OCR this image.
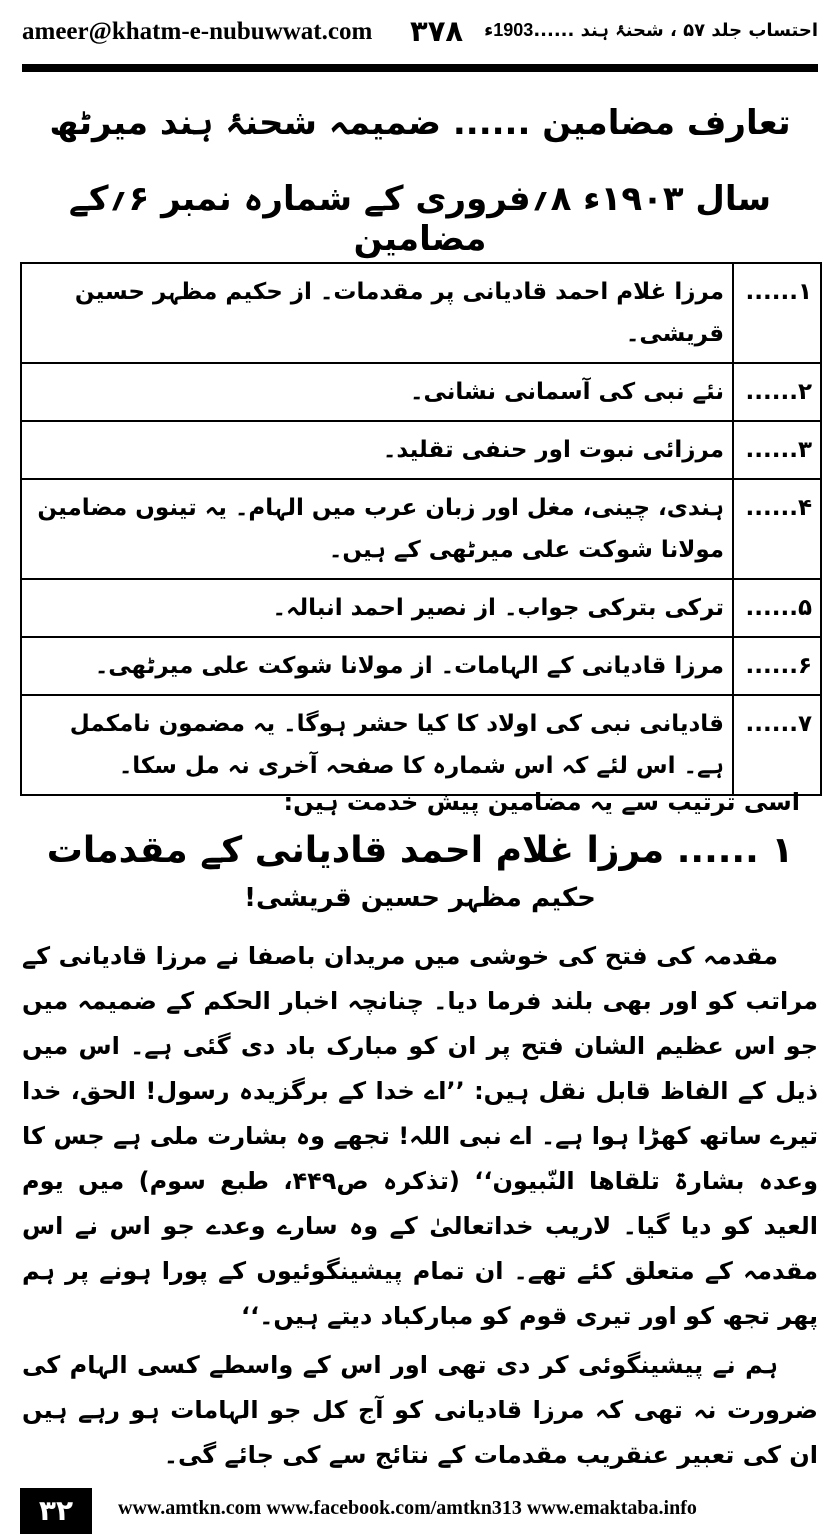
ameer@khatm-e-nubuwwat.com ۳۷۸	احتساب جلد ۵۷ ، شحنۂ ہند ......1903ء
تعارف مضامین ...... ضمیمہ شحنۂ ہند میرٹھ
سال ۱۹۰۳ء ۸؍فروری کے شمارہ نمبر ۶؍کے مضامین
۱......	مرزا غلام احمد قادیانی پر مقدمات۔ از حکیم مظہر حسین قریشی۔
۲......	نئے نبی کی آسمانی نشانی۔
۳......	مرزائی نبوت اور حنفی تقلید۔
۴......	ہندی، چینی، مغل اور زبان عرب میں الہام۔ یہ تینوں مضامین مولانا شوکت علی میرٹھی کے ہیں۔
۵......	ترکی بترکی جواب۔ از نصیر احمد انبالہ۔
۶......	مرزا قادیانی کے الہامات۔ از مولانا شوکت علی میرٹھی۔
۷......	قادیانی نبی کی اولاد کا کیا حشر ہوگا۔ یہ مضمون نامکمل ہے۔ اس لئے کہ اس شمارہ کا صفحہ آخری نہ مل سکا۔
اسی ترتیب سے یہ مضامین پیش خدمت ہیں:
۱ ...... مرزا غلام احمد قادیانی کے مقدمات
حکیم مظہر حسین قریشی!

مقدمہ کی فتح کی خوشی میں مریدان باصفا نے مرزا قادیانی کے مراتب کو اور بھی بلند فرما دیا۔ چنانچہ اخبار الحکم کے ضمیمہ میں جو اس عظیم الشان فتح پر ان کو مبارک باد دی گئی ہے۔ اس میں ذیل کے الفاظ قابل نقل ہیں: ’’اے خدا کے برگزیدہ رسول! الحق، خدا تیرے ساتھ کھڑا ہوا ہے۔ اے نبی اللہ! تجھے وہ بشارت ملی ہے جس کا وعدہ بشارۃ تلقاھا النّبیون‘‘ (تذکرہ ص۴۴۹، طبع سوم) میں یوم العید کو دیا گیا۔ لاریب خداتعالیٰ کے وہ سارے وعدے جو اس نے اس مقدمہ کے متعلق کئے تھے۔ ان تمام پیشینگوئیوں کے پورا ہونے پر ہم پھر تجھ کو اور تیری قوم کو مبارکباد دیتے ہیں۔‘‘

ہم نے پیشینگوئی کر دی تھی اور اس کے واسطے کسی الہام کی ضرورت نہ تھی کہ مرزا قادیانی کو آج کل جو الہامات ہو رہے ہیں ان کی تعبیر عنقریب مقدمات کے نتائج سے کی جائے گی۔

۳۲	www.amtkn.com www.facebook.com/amtkn313 www.emaktaba.info
